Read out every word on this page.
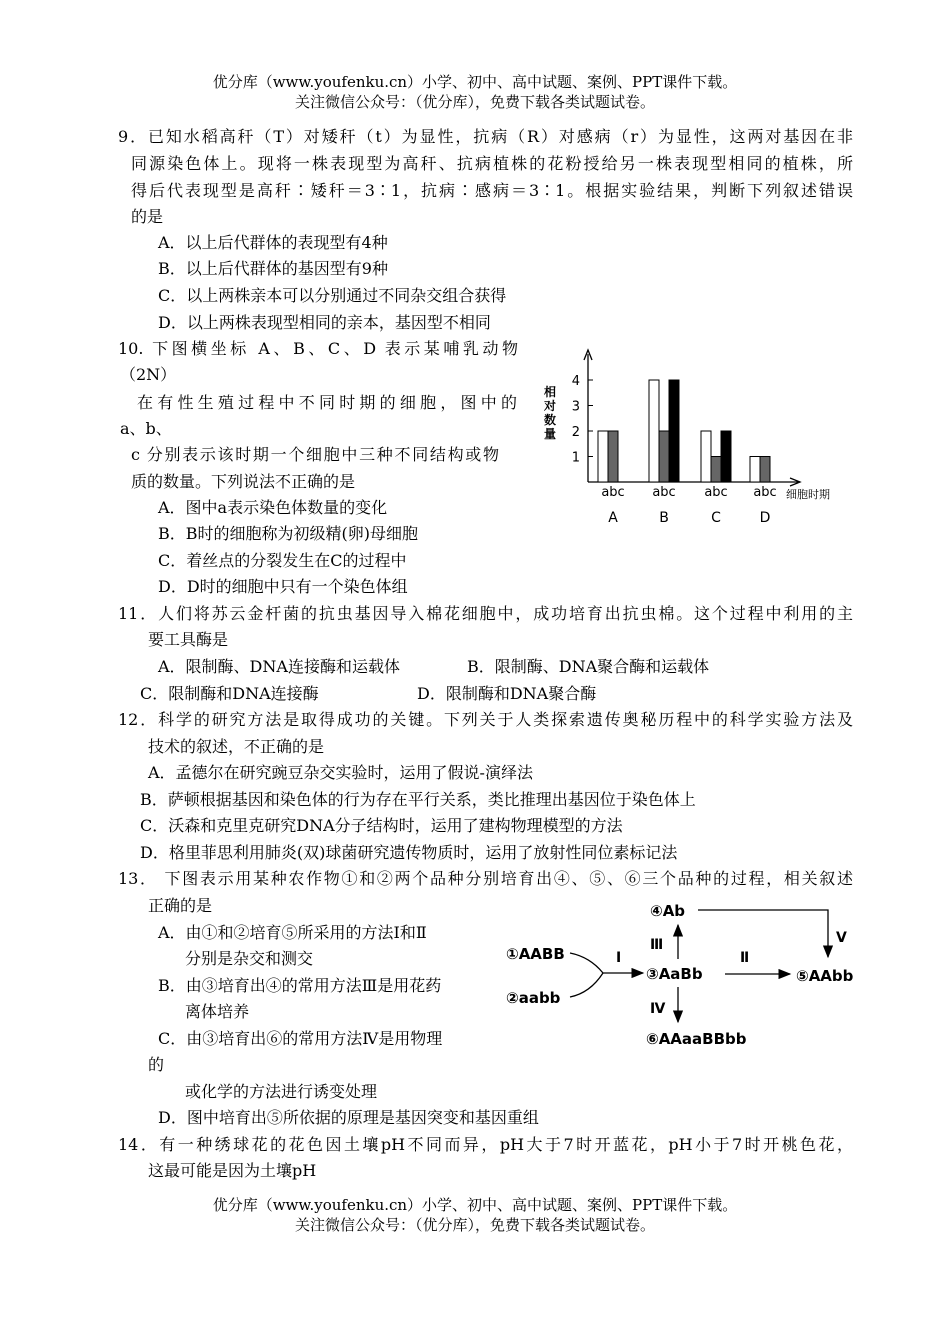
优分库（www.youfenku.cn）小学、初中、高中试题、案例、PPT课件下载。
关注微信公众号：（优分库），免费下载各类试题试卷。
9．已知水稻高秆（T）对矮秆（t）为显性，抗病（R）对感病（r）为显性，这两对基因在非
同源染色体上。现将一株表现型为高秆、抗病植株的花粉授给另一株表现型相同的植株，所
得后代表现型是高秆∶矮秆＝3∶1，抗病∶感病＝3∶1。根据实验结果，判断下列叙述错误
的是
A．以上后代群体的表现型有4种
B．以上后代群体的基因型有9种
C．以上两株亲本可以分别通过不同杂交组合获得
D．以上两株表现型相同的亲本，基因型不相同
10. 下图横坐标 A、B、C、D 表示某哺乳动物
（2N）
在有性生殖过程中不同时期的细胞，图中的
a、b、
c 分别表示该时期一个细胞中三种不同结构或物
质的数量。下列说法不正确的是
A．图中a表示染色体数量的变化
B．B时的细胞称为初级精(卵)母细胞
C．着丝点的分裂发生在C的过程中
D．D时的细胞中只有一个染色体组
1
2
3
4
相
对
数
量
细胞时期
abc
A
abc
B
abc
C
abc
D
11．人们将苏云金杆菌的抗虫基因导入棉花细胞中，成功培育出抗虫棉。这个过程中利用的主
要工具酶是
A．限制酶、DNA连接酶和运载体	B．限制酶、DNA聚合酶和运载体
C．限制酶和DNA连接酶	D．限制酶和DNA聚合酶
12．科学的研究方法是取得成功的关键。下列关于人类探索遗传奥秘历程中的科学实验方法及
技术的叙述，不正确的是
A．孟德尔在研究豌豆杂交实验时，运用了假说-演绎法
B．萨顿根据基因和染色体的行为存在平行关系，类比推理出基因位于染色体上
C．沃森和克里克研究DNA分子结构时，运用了建构物理模型的方法
D．格里菲思利用肺炎(双)球菌研究遗传物质时，运用了放射性同位素标记法
13． 下图表示用某种农作物①和②两个品种分别培育出④、⑤、⑥三个品种的过程，相关叙述
正确的是
A．由①和②培育⑤所采用的方法Ⅰ和Ⅱ
分别是杂交和测交
B．由③培育出④的常用方法Ⅲ是用花药
离体培养
C．由③培育出⑥的常用方法Ⅳ是用物理
的
或化学的方法进行诱变处理
D．图中培育出⑤所依据的原理是基因突变和基因重组
①AABB
②aabb
③AaBb
④Ab
⑤AAbb
⑥AAaaBBbb
Ⅰ	Ⅱ
Ⅲ
Ⅳ
Ⅴ
14．有一种绣球花的花色因土壤pH不同而异，pH大于7时开蓝花，pH小于7时开桃色花，
这最可能是因为土壤pH
优分库（www.youfenku.cn）小学、初中、高中试题、案例、PPT课件下载。
关注微信公众号：（优分库），免费下载各类试题试卷。
